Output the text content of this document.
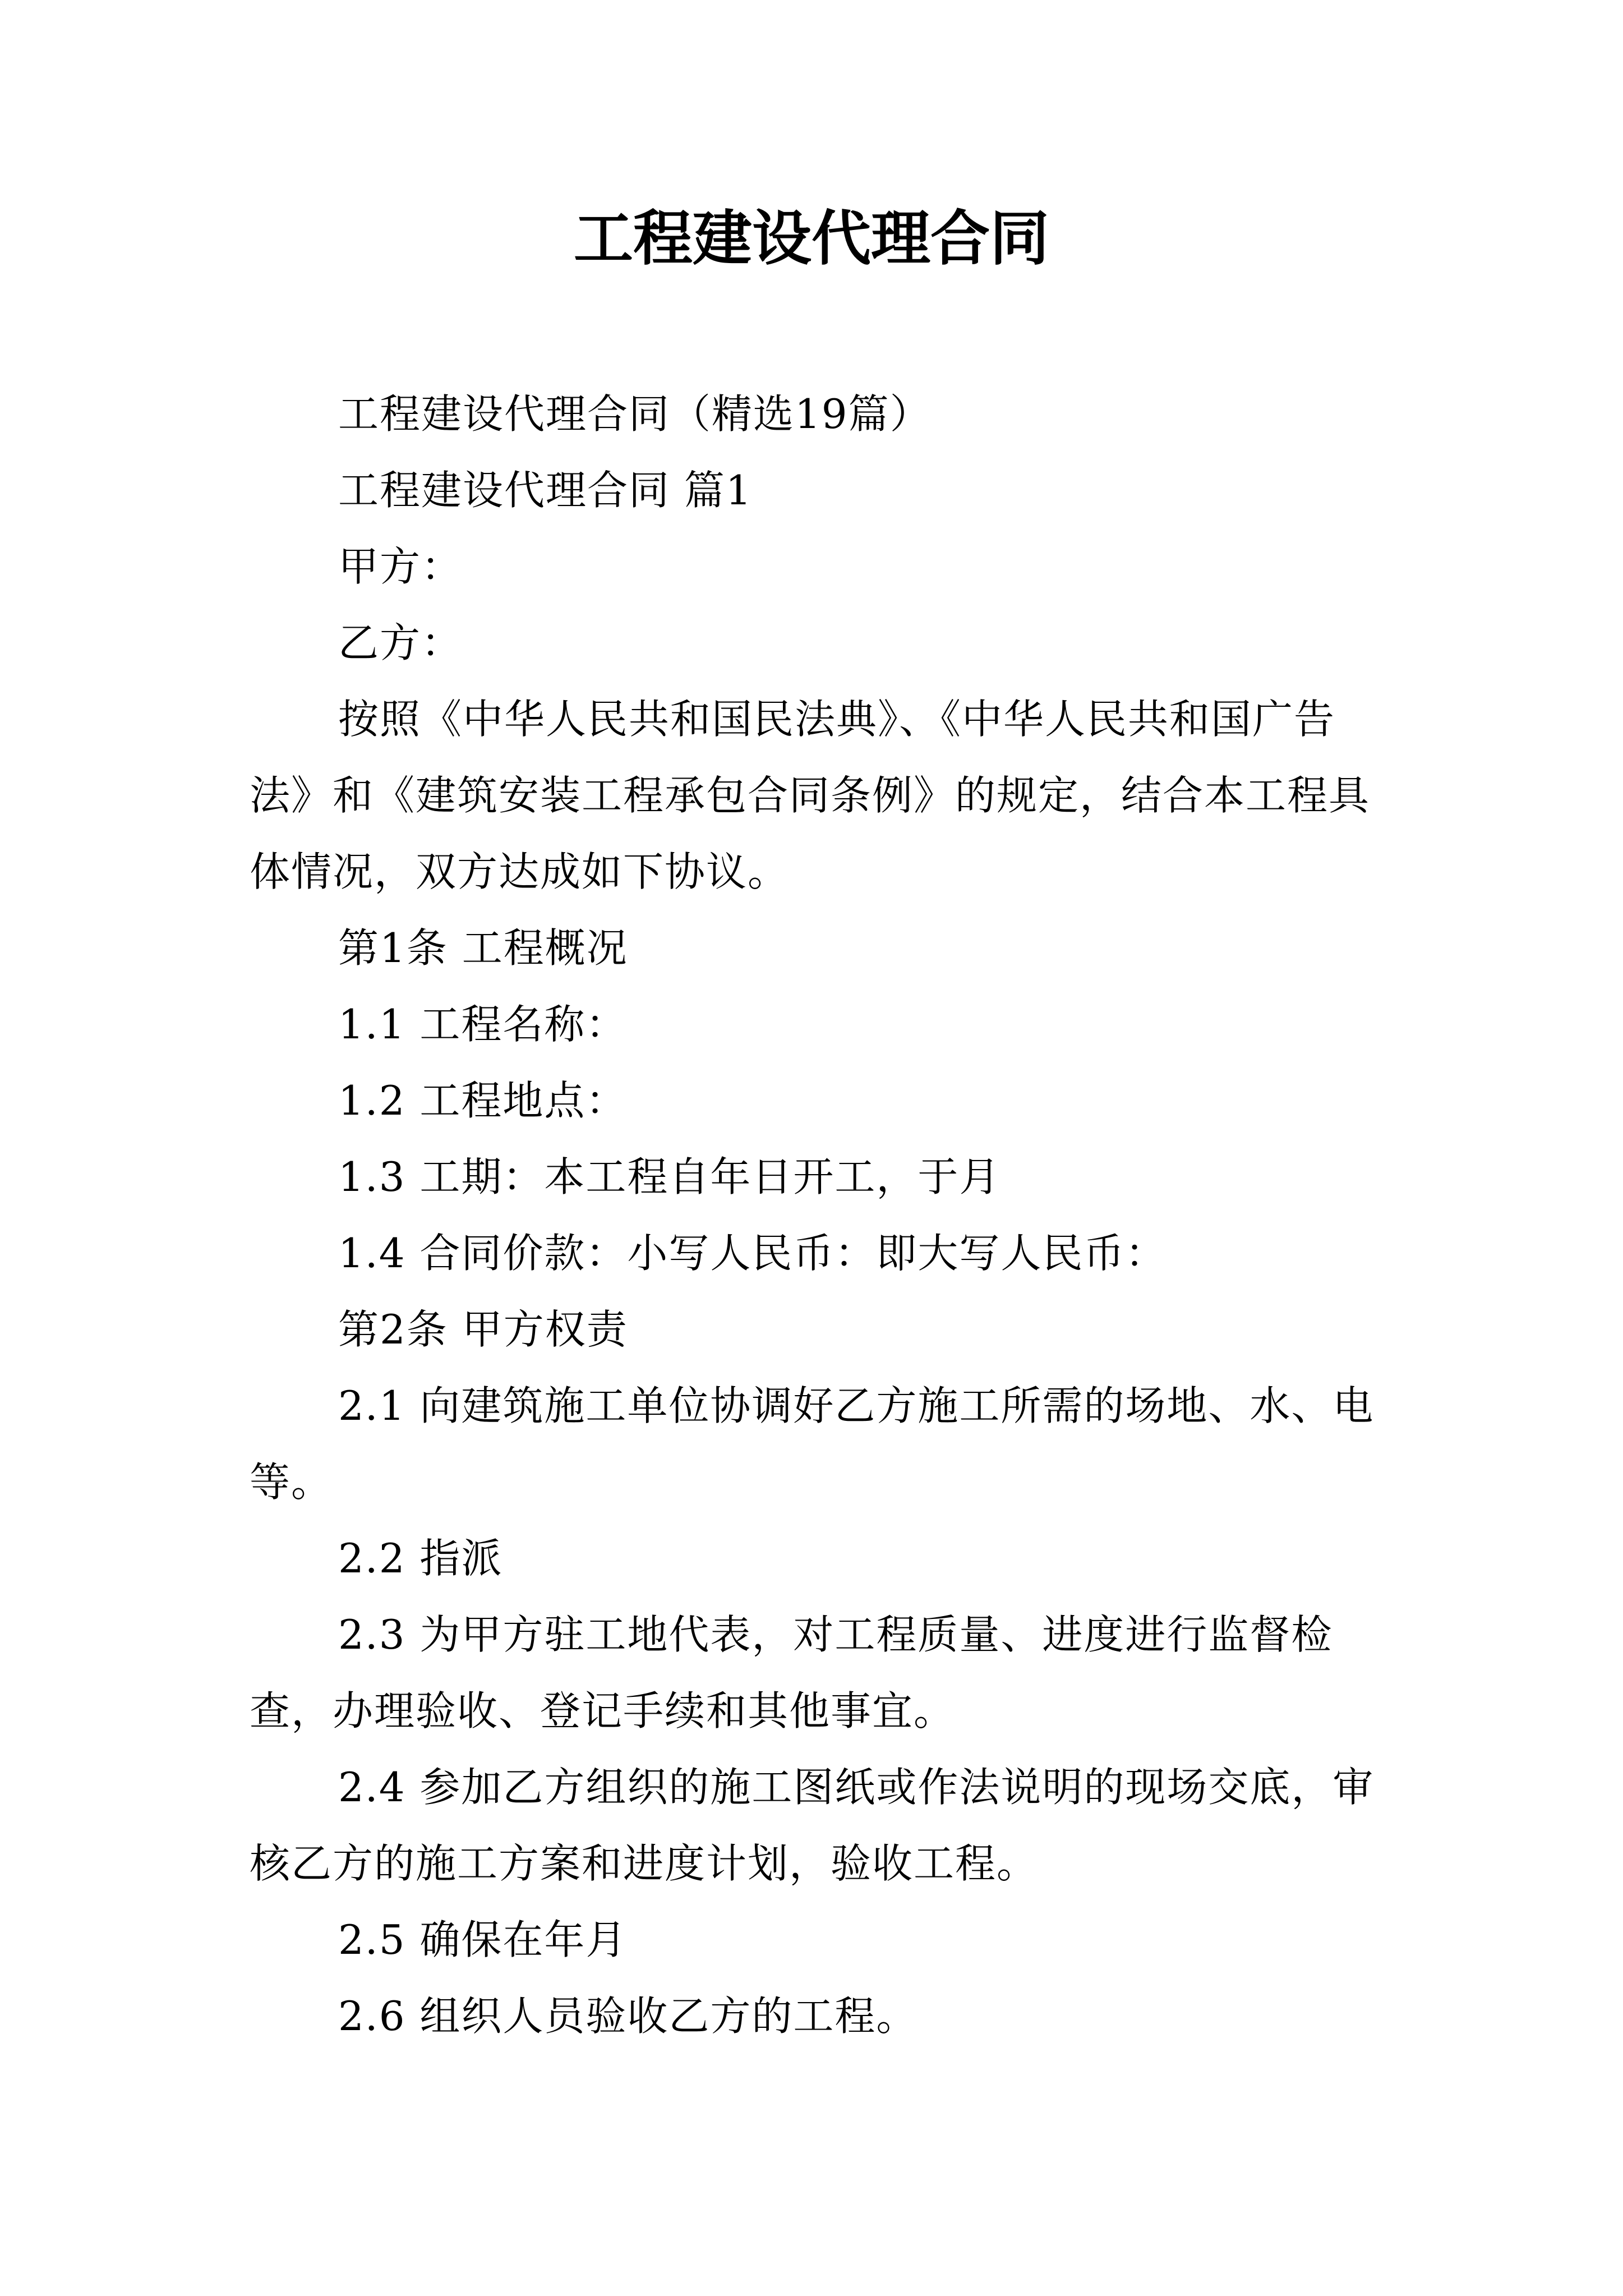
工程建设代理合同

工程建设代理合同（精选19篇）

工程建设代理合同 篇1

甲方：

乙方：

按照《中华人民共和国民法典》、《中华人民共和国广告法》和《建筑安装工程承包合同条例》的规定，结合本工程具体情况，双方达成如下协议。

第1条 工程概况

1.1 工程名称：

1.2 工程地点：

1.3 工期：本工程自年日开工，于月

1.4 合同价款：小写人民币：即大写人民币：

第2条 甲方权责

2.1 向建筑施工单位协调好乙方施工所需的场地、水、电等。

2.2 指派

2.3 为甲方驻工地代表，对工程质量、进度进行监督检查，办理验收、登记手续和其他事宜。

2.4 参加乙方组织的施工图纸或作法说明的现场交底，审核乙方的施工方案和进度计划，验收工程。

2.5 确保在年月

2.6 组织人员验收乙方的工程。
